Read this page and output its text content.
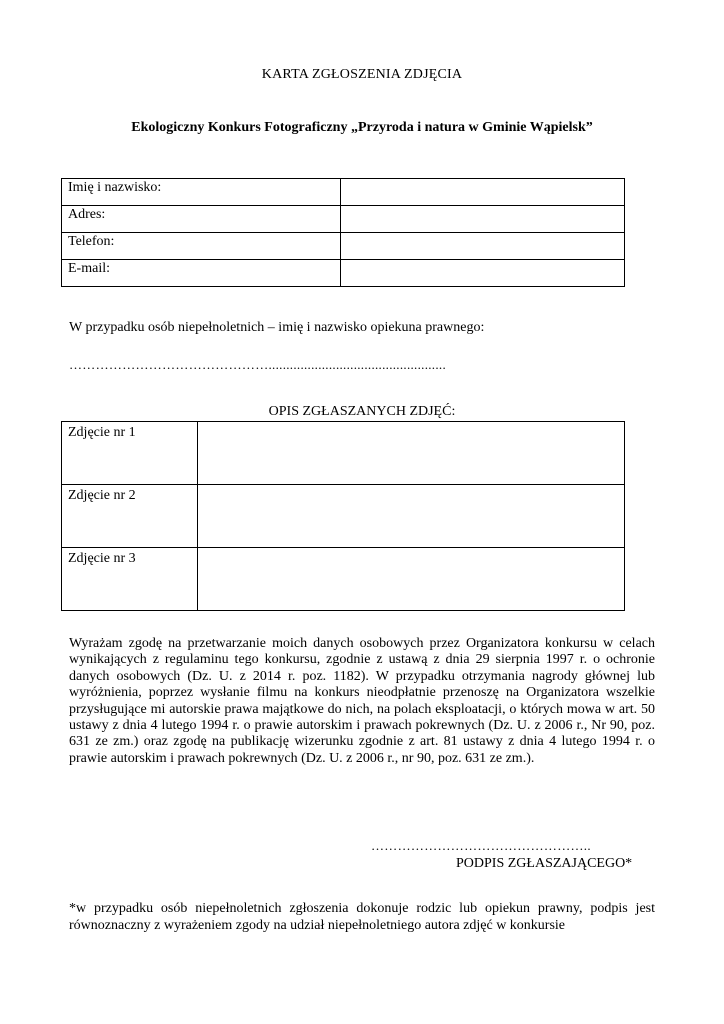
KARTA ZGŁOSZENIA ZDJĘCIA
Ekologiczny Konkurs Fotograficzny „Przyroda i natura w Gminie Wąpielsk”
Imię i nazwisko:	
Adres:	
Telefon:	
E-mail:	
W przypadku osób niepełnoletnich – imię i nazwisko opiekuna prawnego:
………………………………………..................................................
OPIS ZGŁASZANYCH ZDJĘĆ:
Zdjęcie nr 1	
Zdjęcie nr 2	
Zdjęcie nr 3	
Wyrażam zgodę na przetwarzanie moich danych osobowych przez Organizatora konkursu w celach wynikających z regulaminu tego konkursu, zgodnie z ustawą z dnia 29 sierpnia 1997 r. o ochronie danych osobowych (Dz. U. z 2014 r. poz. 1182). W przypadku otrzymania nagrody głównej lub wyróżnienia, poprzez wysłanie filmu na konkurs nieodpłatnie przenoszę na Organizatora wszelkie przysługujące mi autorskie prawa majątkowe do nich, na polach eksploatacji, o których mowa w art. 50 ustawy z dnia 4 lutego 1994 r. o prawie autorskim i prawach pokrewnych (Dz. U. z 2006 r., Nr 90, poz. 631 ze zm.) oraz zgodę na publikację wizerunku zgodnie z art. 81 ustawy z dnia 4 lutego 1994 r. o prawie autorskim i prawach pokrewnych (Dz. U. z 2006 r., nr 90, poz. 631 ze zm.).
…………………………………………..
PODPIS ZGŁASZAJĄCEGO*
*w przypadku osób niepełnoletnich zgłoszenia dokonuje rodzic lub opiekun prawny, podpis jest równoznaczny z wyrażeniem zgody na udział niepełnoletniego autora zdjęć w konkursie
